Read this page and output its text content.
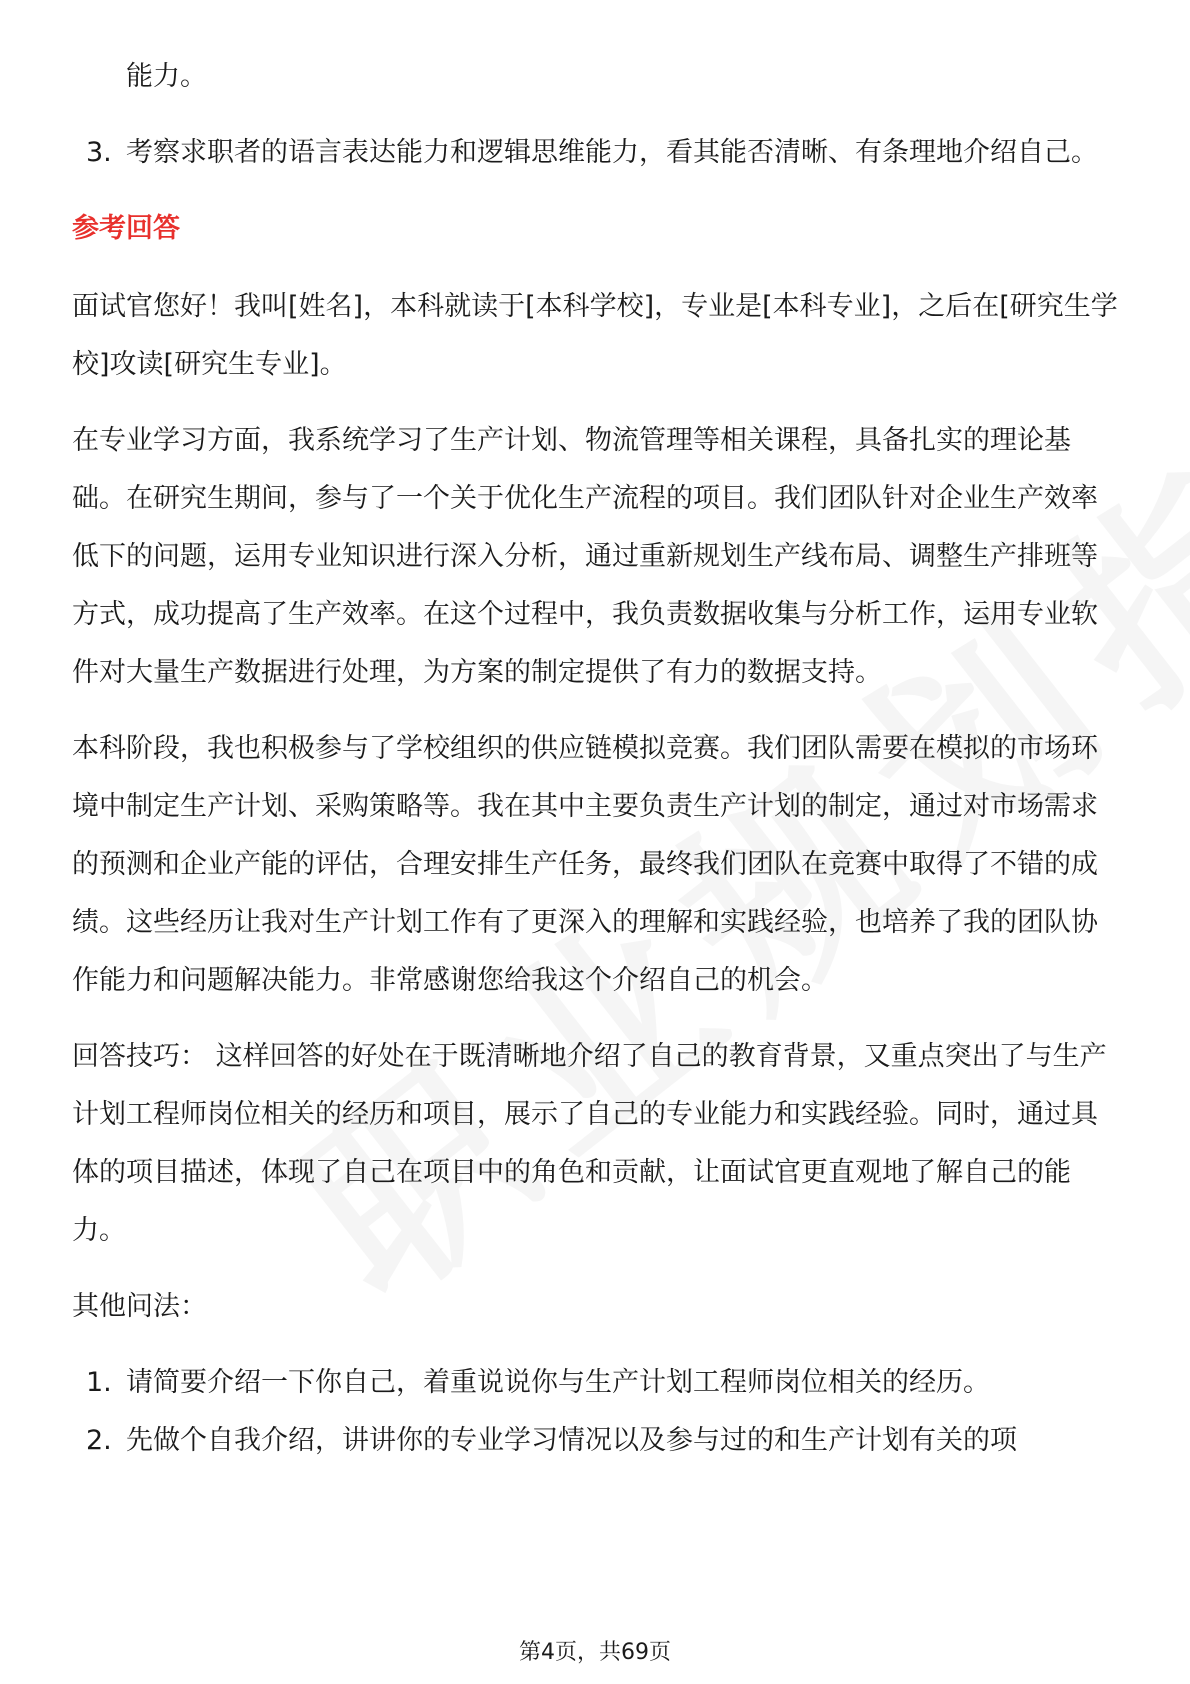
能力。
3. 考察求职者的语言表达能力和逻辑思维能力，看其能否清晰、有条理地介绍自己。
参考回答

面试官您好！我叫[姓名]，本科就读于[本科学校]，专业是[本科专业]，之后在[研究生学校]攻读[研究生专业]。

在专业学习方面，我系统学习了生产计划、物流管理等相关课程，具备扎实的理论基础。在研究生期间，参与了一个关于优化生产流程的项目。我们团队针对企业生产效率低下的问题，运用专业知识进行深入分析，通过重新规划生产线布局、调整生产排班等方式，成功提高了生产效率。在这个过程中，我负责数据收集与分析工作，运用专业软件对大量生产数据进行处理，为方案的制定提供了有力的数据支持。

本科阶段，我也积极参与了学校组织的供应链模拟竞赛。我们团队需要在模拟的市场环境中制定生产计划、采购策略等。我在其中主要负责生产计划的制定，通过对市场需求的预测和企业产能的评估，合理安排生产任务，最终我们团队在竞赛中取得了不错的成绩。这些经历让我对生产计划工作有了更深入的理解和实践经验，也培养了我的团队协作能力和问题解决能力。非常感谢您给我这个介绍自己的机会。

回答技巧： 这样回答的好处在于既清晰地介绍了自己的教育背景，又重点突出了与生产计划工程师岗位相关的经历和项目，展示了自己的专业能力和实践经验。同时，通过具体的项目描述，体现了自己在项目中的角色和贡献，让面试官更直观地了解自己的能力。

其他问法：

1. 请简要介绍一下你自己，着重说说你与生产计划工程师岗位相关的经历。
2. 先做个自我介绍，讲讲你的专业学习情况以及参与过的和生产计划有关的项
第4页，共69页
